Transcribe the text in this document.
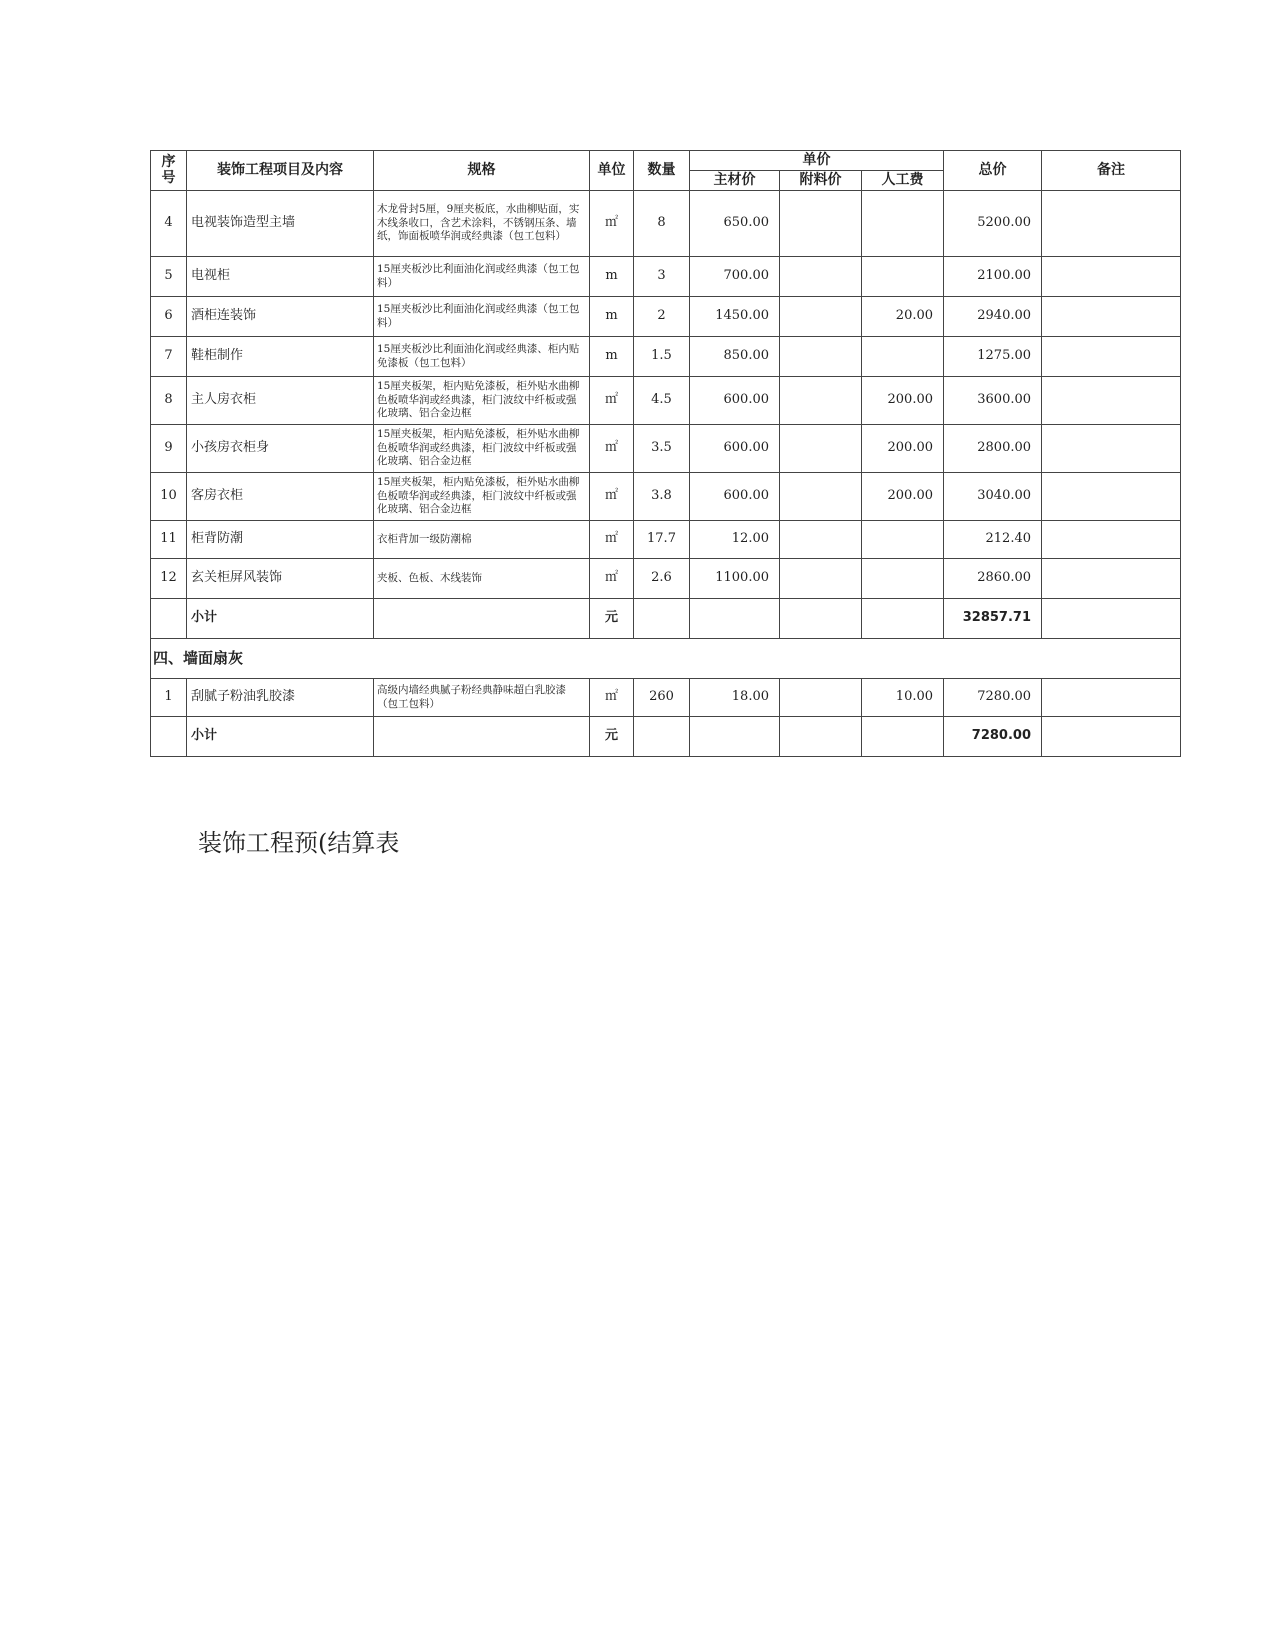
序号	装饰工程项目及内容	规格	单位	数量	单价			总价	备注
					主材价	附料价	人工费		
4	电视装饰造型主墙	木龙骨封5厘，9厘夹板底，水曲柳贴面，实木线条收口，含艺术涂料，不锈钢压条、墙纸，饰面板喷华润或经典漆（包工包料）	㎡	8	650.00			5200.00	
5	电视柜	15厘夹板沙比利面油化润或经典漆（包工包料）	m	3	700.00			2100.00	
6	酒柜连装饰	15厘夹板沙比利面油化润或经典漆（包工包料）	m	2	1450.00		20.00	2940.00	
7	鞋柜制作	15厘夹板沙比利面油化润或经典漆、柜内贴免漆板（包工包料）	m	1.5	850.00			1275.00	
8	主人房衣柜	15厘夹板架，柜内贴免漆板，柜外贴水曲柳色板喷华润或经典漆，柜门波纹中纤板或强化玻璃、铝合金边框	㎡	4.5	600.00		200.00	3600.00	
9	小孩房衣柜身	15厘夹板架，柜内贴免漆板，柜外贴水曲柳色板喷华润或经典漆，柜门波纹中纤板或强化玻璃、铝合金边框	㎡	3.5	600.00		200.00	2800.00	
10	客房衣柜	15厘夹板架，柜内贴免漆板，柜外贴水曲柳色板喷华润或经典漆，柜门波纹中纤板或强化玻璃、铝合金边框	㎡	3.8	600.00		200.00	3040.00	
11	柜背防潮	衣柜背加一级防潮棉	㎡	17.7	12.00			212.40	
12	玄关柜屏风装饰	夹板、色板、木线装饰	㎡	2.6	1100.00			2860.00	
	小计		元					32857.71	
四、墙面扇灰									
1	刮腻子粉油乳胶漆	高级内墙经典腻子粉经典静味超白乳胶漆（包工包料）	㎡	260	18.00		10.00	7280.00	
	小计		元					7280.00	
装饰工程预(结算表
